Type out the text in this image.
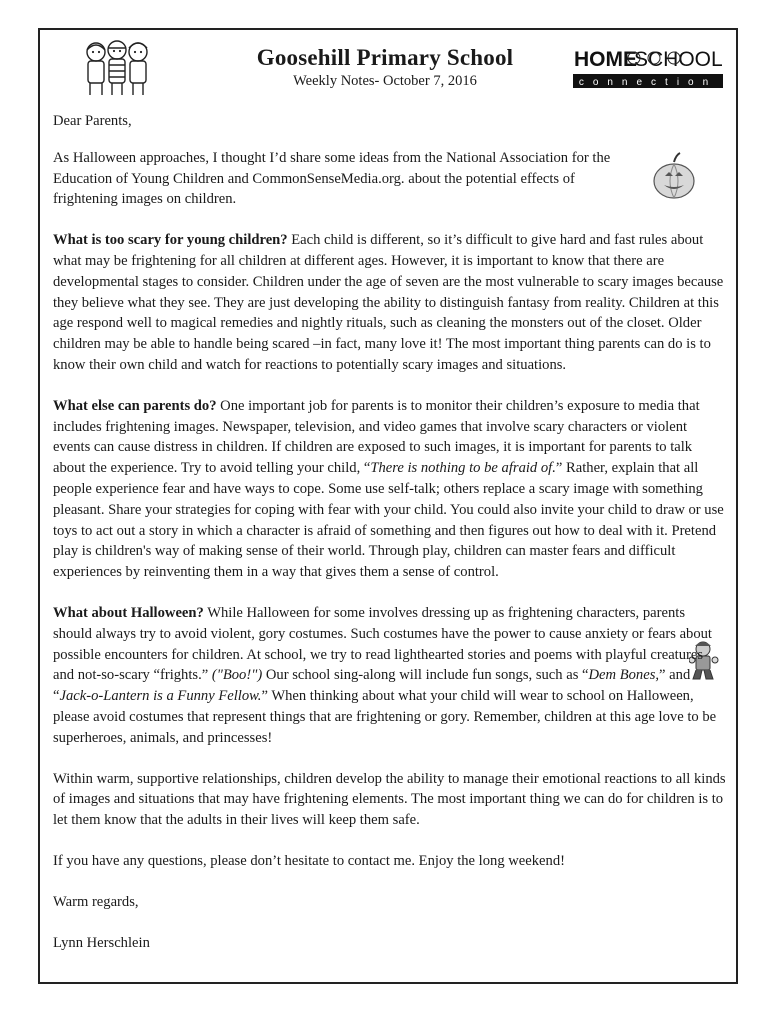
HOME
SCHOOL
connection
Goosehill Primary School
Weekly Notes- October 7, 2016

Dear Parents,

As Halloween approaches, I thought I’d share some ideas from the National Association for the Education of Young Children and CommonSenseMedia.org. about the potential effects of frightening images on children.

What is too scary for young children? Each child is different, so it’s difficult to give hard and fast rules about what may be frightening for all children at different ages. However, it is important to know that there are developmental stages to consider. Children under the age of seven are the most vulnerable to scary images because they believe what they see. They are just developing the ability to distinguish fantasy from reality. Children at this age respond well to magical remedies and nightly rituals, such as cleaning the monsters out of the closet. Older children may be able to handle being scared –in fact, many love it! The most important thing parents can do is to know their own child and watch for reactions to potentially scary images and situations.

What else can parents do? One important job for parents is to monitor their children’s exposure to media that includes frightening images. Newspaper, television, and video games that involve scary characters or violent events can cause distress in children. If children are exposed to such images, it is important for parents to talk about the experience. Try to avoid telling your child, “There is nothing to be afraid of.” Rather, explain that all people experience fear and have ways to cope. Some use self-talk; others replace a scary image with something pleasant. Share your strategies for coping with fear with your child. You could also invite your child to draw or use toys to act out a story in which a character is afraid of something and then figures out how to deal with it. Pretend play is children's way of making sense of their world. Through play, children can master fears and difficult experiences by reinventing them in a way that gives them a sense of control.

What about Halloween? While Halloween for some involves dressing up as frightening characters, parents should always try to avoid violent, gory costumes. Such costumes have the power to cause anxiety or fears about possible encounters for children. At school, we try to read lighthearted stories and poems with playful creatures and not-so-scary “frights.” ("Boo!") Our school sing-along will include fun songs, such as “Dem Bones,” and “Jack-o-Lantern is a Funny Fellow.” When thinking about what your child will wear to school on Halloween, please avoid costumes that represent things that are frightening or gory. Remember, children at this age love to be superheroes, animals, and princesses!

Within warm, supportive relationships, children develop the ability to manage their emotional reactions to all kinds of images and situations that may have frightening elements. The most important thing we can do for children is to let them know that the adults in their lives will keep them safe.

If you have any questions, please don’t hesitate to contact me. Enjoy the long weekend!

Warm regards,

Lynn Herschlein
